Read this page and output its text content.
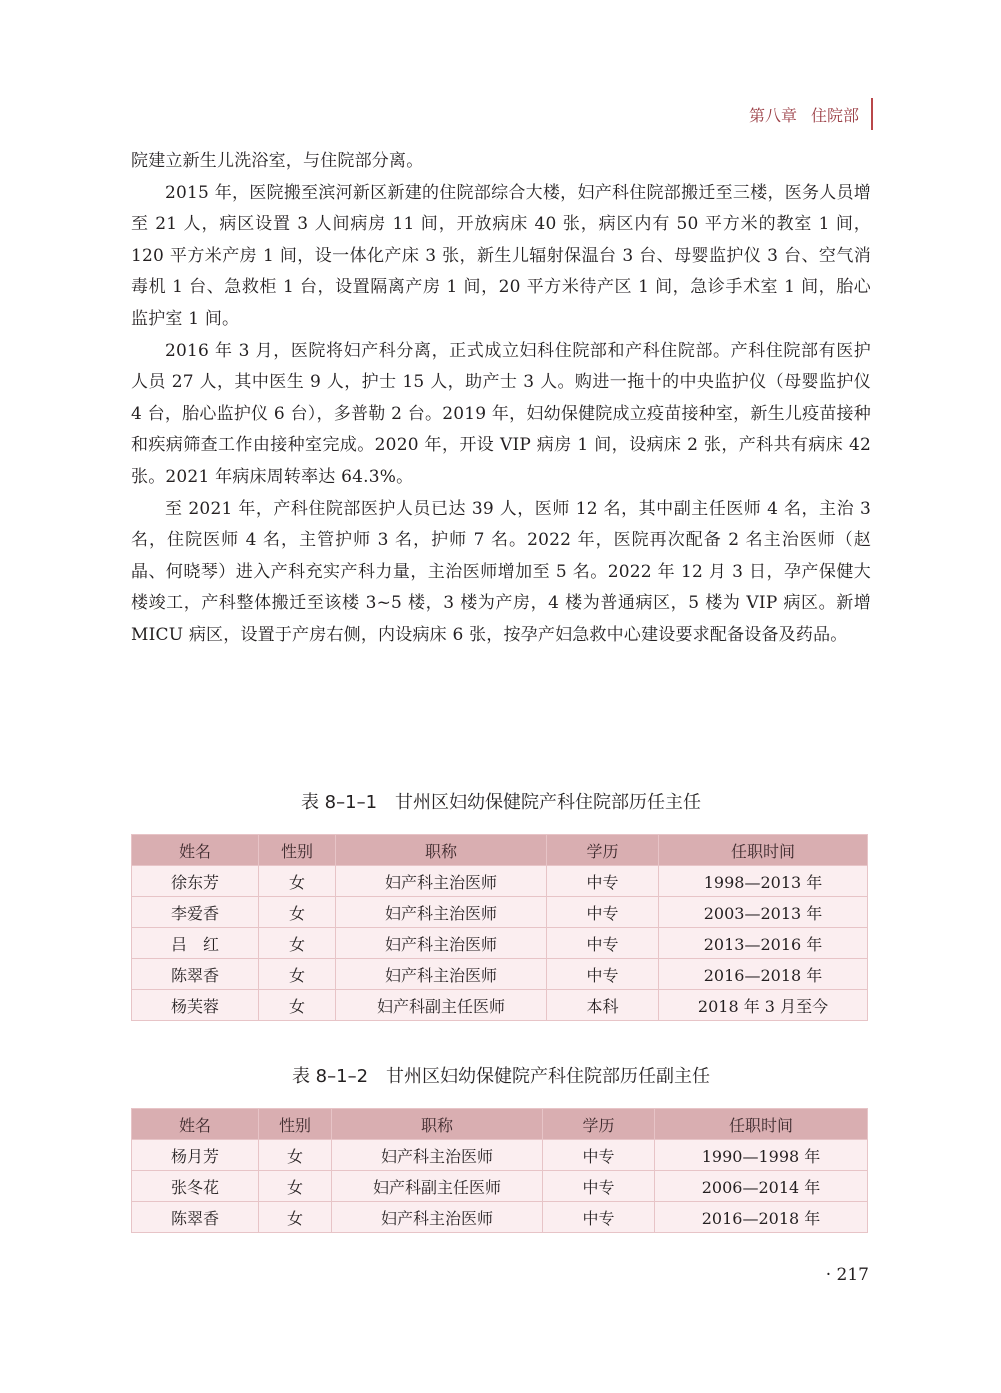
第八章 住院部

院建立新生儿洗浴室，与住院部分离。

2015 年，医院搬至滨河新区新建的住院部综合大楼，妇产科住院部搬迁至三楼，医务人员增至 21 人，病区设置 3 人间病房 11 间，开放病床 40 张，病区内有 50 平方米的教室 1 间，120 平方米产房 1 间，设一体化产床 3 张，新生儿辐射保温台 3 台、母婴监护仪 3 台、空气消毒机 1 台、急救柜 1 台，设置隔离产房 1 间，20 平方米待产区 1 间，急诊手术室 1 间，胎心监护室 1 间。

2016 年 3 月，医院将妇产科分离，正式成立妇科住院部和产科住院部。产科住院部有医护人员 27 人，其中医生 9 人，护士 15 人，助产士 3 人。购进一拖十的中央监护仪（母婴监护仪 4 台，胎心监护仪 6 台），多普勒 2 台。2019 年，妇幼保健院成立疫苗接种室，新生儿疫苗接种和疾病筛查工作由接种室完成。2020 年，开设 VIP 病房 1 间，设病床 2 张，产科共有病床 42 张。2021 年病床周转率达 64.3%。

至 2021 年，产科住院部医护人员已达 39 人，医师 12 名，其中副主任医师 4 名，主治 3 名，住院医师 4 名，主管护师 3 名，护师 7 名。2022 年，医院再次配备 2 名主治医师（赵晶、何晓琴）进入产科充实产科力量，主治医师增加至 5 名。2022 年 12 月 3 日，孕产保健大楼竣工，产科整体搬迁至该楼 3~5 楼，3 楼为产房，4 楼为普通病区，5 楼为 VIP 病区。新增 MICU 病区，设置于产房右侧，内设病床 6 张，按孕产妇急救中心建设要求配备设备及药品。

表 8–1–1　甘州区妇幼保健院产科住院部历任主任
姓名	性别	职称	学历	任职时间
徐东芳	女	妇产科主治医师	中专	1998—2013 年
李爱香	女	妇产科主治医师	中专	2003—2013 年
吕　红	女	妇产科主治医师	中专	2013—2016 年
陈翠香	女	妇产科主治医师	中专	2016—2018 年
杨芙蓉	女	妇产科副主任医师	本科	2018 年 3 月至今
表 8–1–2　甘州区妇幼保健院产科住院部历任副主任
姓名	性别	职称	学历	任职时间
杨月芳	女	妇产科主治医师	中专	1990—1998 年
张冬花	女	妇产科副主任医师	中专	2006—2014 年
陈翠香	女	妇产科主治医师	中专	2016—2018 年
· 217
